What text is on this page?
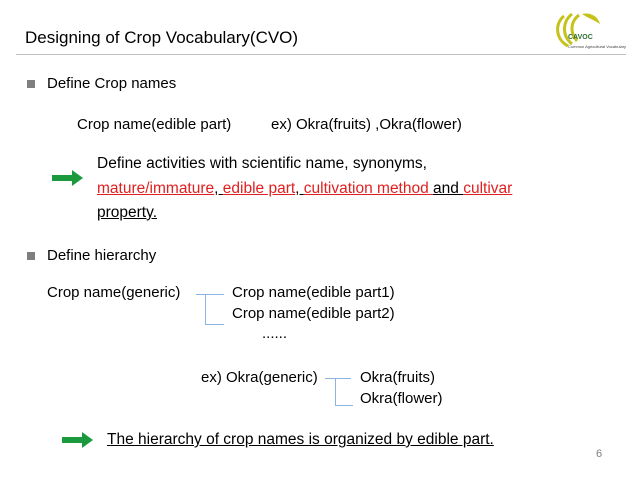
Designing of Crop Vocabulary(CVO)	CAVOC
Common Agricultural Vocabulary
Define Crop names
Crop name(edible part)	ex) Okra(fruits) ,Okra(flower)
Define activities with scientific name, synonyms,
mature/immature, edible part, cultivation method and cultivar
property.
Define hierarchy
Crop name(generic)	Crop name(edible part1)
Crop name(edible part2)
......
ex) Okra(generic)	Okra(fruits)
Okra(flower)
The hierarchy of crop names is organized by edible part.
6
